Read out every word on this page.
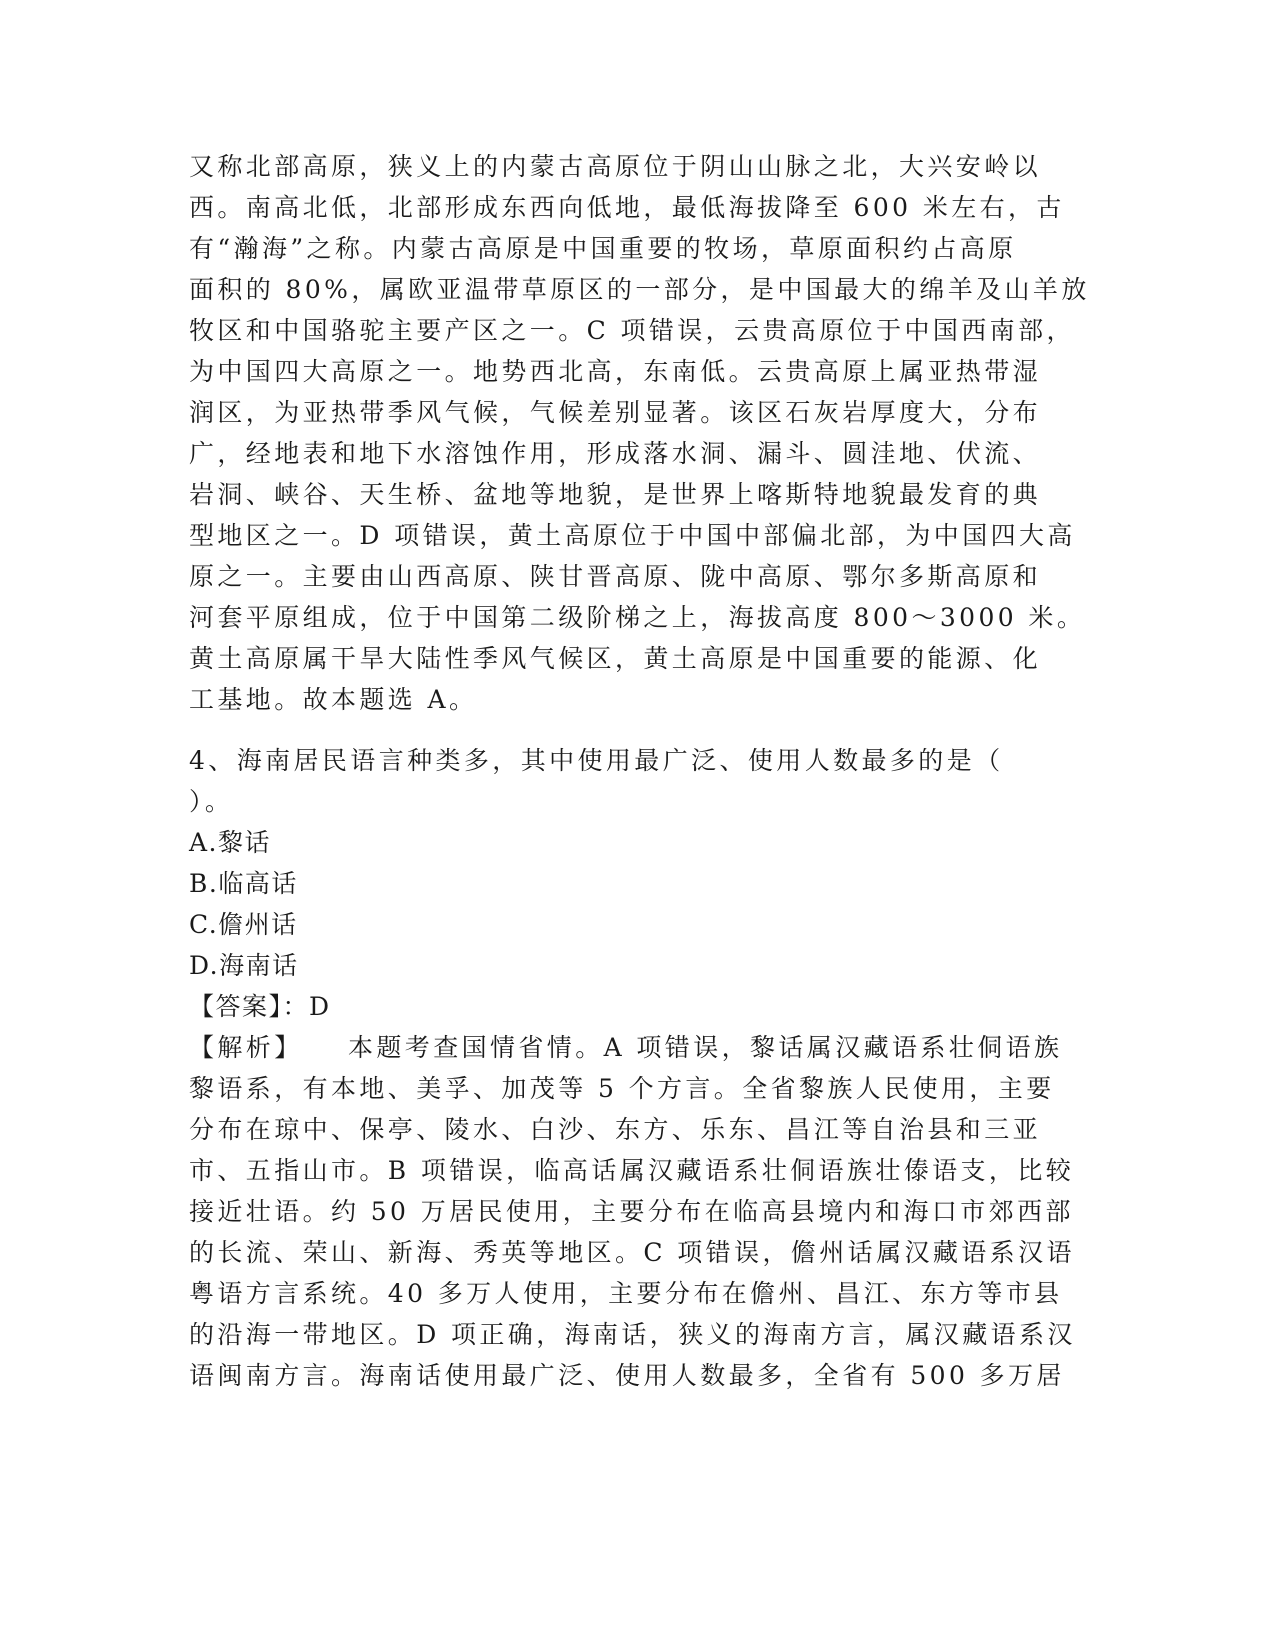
又称北部高原，狭义上的内蒙古高原位于阴山山脉之北，大兴安岭以
西。南高北低，北部形成东西向低地，最低海拔降至 600 米左右，古
有“瀚海”之称。内蒙古高原是中国重要的牧场，草原面积约占高原
面积的 80%，属欧亚温带草原区的一部分，是中国最大的绵羊及山羊放
牧区和中国骆驼主要产区之一。C 项错误，云贵高原位于中国西南部，
为中国四大高原之一。地势西北高，东南低。云贵高原上属亚热带湿
润区，为亚热带季风气候，气候差别显著。该区石灰岩厚度大，分布
广，经地表和地下水溶蚀作用，形成落水洞、漏斗、圆洼地、伏流、
岩洞、峡谷、天生桥、盆地等地貌，是世界上喀斯特地貌最发育的典
型地区之一。D 项错误，黄土高原位于中国中部偏北部，为中国四大高
原之一。主要由山西高原、陕甘晋高原、陇中高原、鄂尔多斯高原和
河套平原组成，位于中国第二级阶梯之上，海拔高度 800～3000 米。
黄土高原属干旱大陆性季风气候区，黄土高原是中国重要的能源、化
工基地。故本题选 A。
4、海南居民语言种类多，其中使用最广泛、使用人数最多的是（
）。
A.黎话
B.临高话
C.儋州话
D.海南话
【答案】：D
【解析】    本题考查国情省情。A 项错误，黎话属汉藏语系壮侗语族
黎语系，有本地、美孚、加茂等 5 个方言。全省黎族人民使用，主要
分布在琼中、保亭、陵水、白沙、东方、乐东、昌江等自治县和三亚
市、五指山市。B 项错误，临高话属汉藏语系壮侗语族壮傣语支，比较
接近壮语。约 50 万居民使用，主要分布在临高县境内和海口市郊西部
的长流、荣山、新海、秀英等地区。C 项错误，儋州话属汉藏语系汉语
粤语方言系统。40 多万人使用，主要分布在儋州、昌江、东方等市县
的沿海一带地区。D 项正确，海南话，狭义的海南方言，属汉藏语系汉
语闽南方言。海南话使用最广泛、使用人数最多，全省有 500 多万居
